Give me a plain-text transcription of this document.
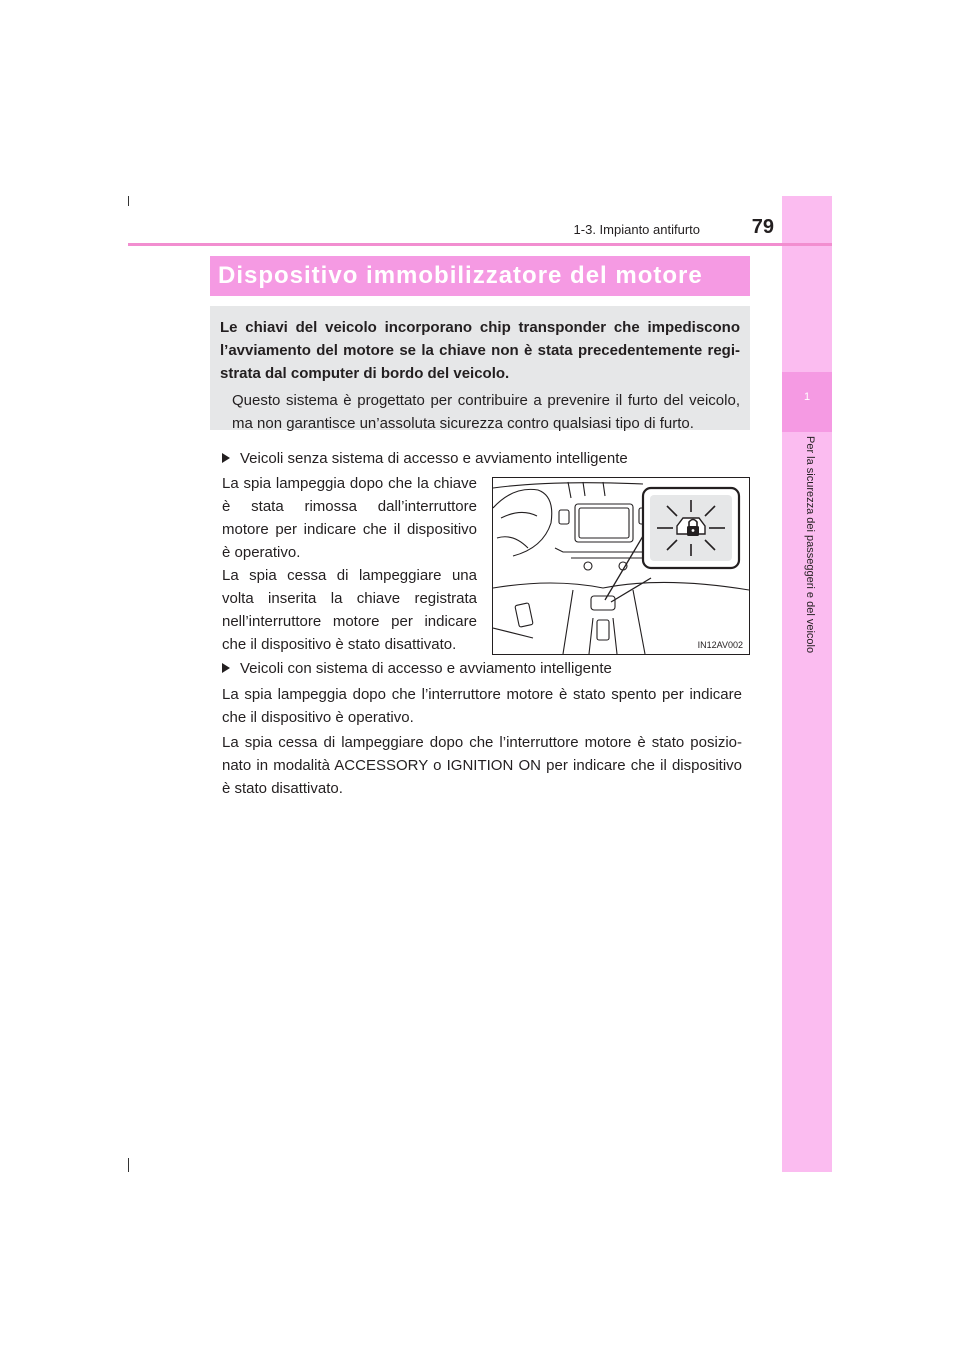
1
Per la sicurezza dei passeggeri e del veicolo
1-3. Impianto antifurto	79
Dispositivo immobilizzatore del motore
Le chiavi del veicolo incorporano chip transponder che impediscono l’avviamento del motore se la chiave non è stata precedentemente regi-strata dal computer di bordo del veicolo.
Questo sistema è progettato per contribuire a prevenire il furto del veicolo, ma non garantisce un’assoluta sicurezza contro qualsiasi tipo di furto.
Veicoli senza sistema di accesso e avviamento intelligente
La spia lampeggia dopo che la chiave è stata rimossa dall’interruttore motore per indicare che il dispositivo è operativo.
La spia cessa di lampeggiare una volta inserita la chiave registrata nell’interruttore motore per indicare che il dispositivo è stato disattivato.	IN12AV002
Veicoli con sistema di accesso e avviamento intelligente
La spia lampeggia dopo che l’interruttore motore è stato spento per indicare che il dispositivo è operativo.
La spia cessa di lampeggiare dopo che l’interruttore motore è stato posizio-nato in modalità ACCESSORY o IGNITION ON per indicare che il dispositivo è stato disattivato.
